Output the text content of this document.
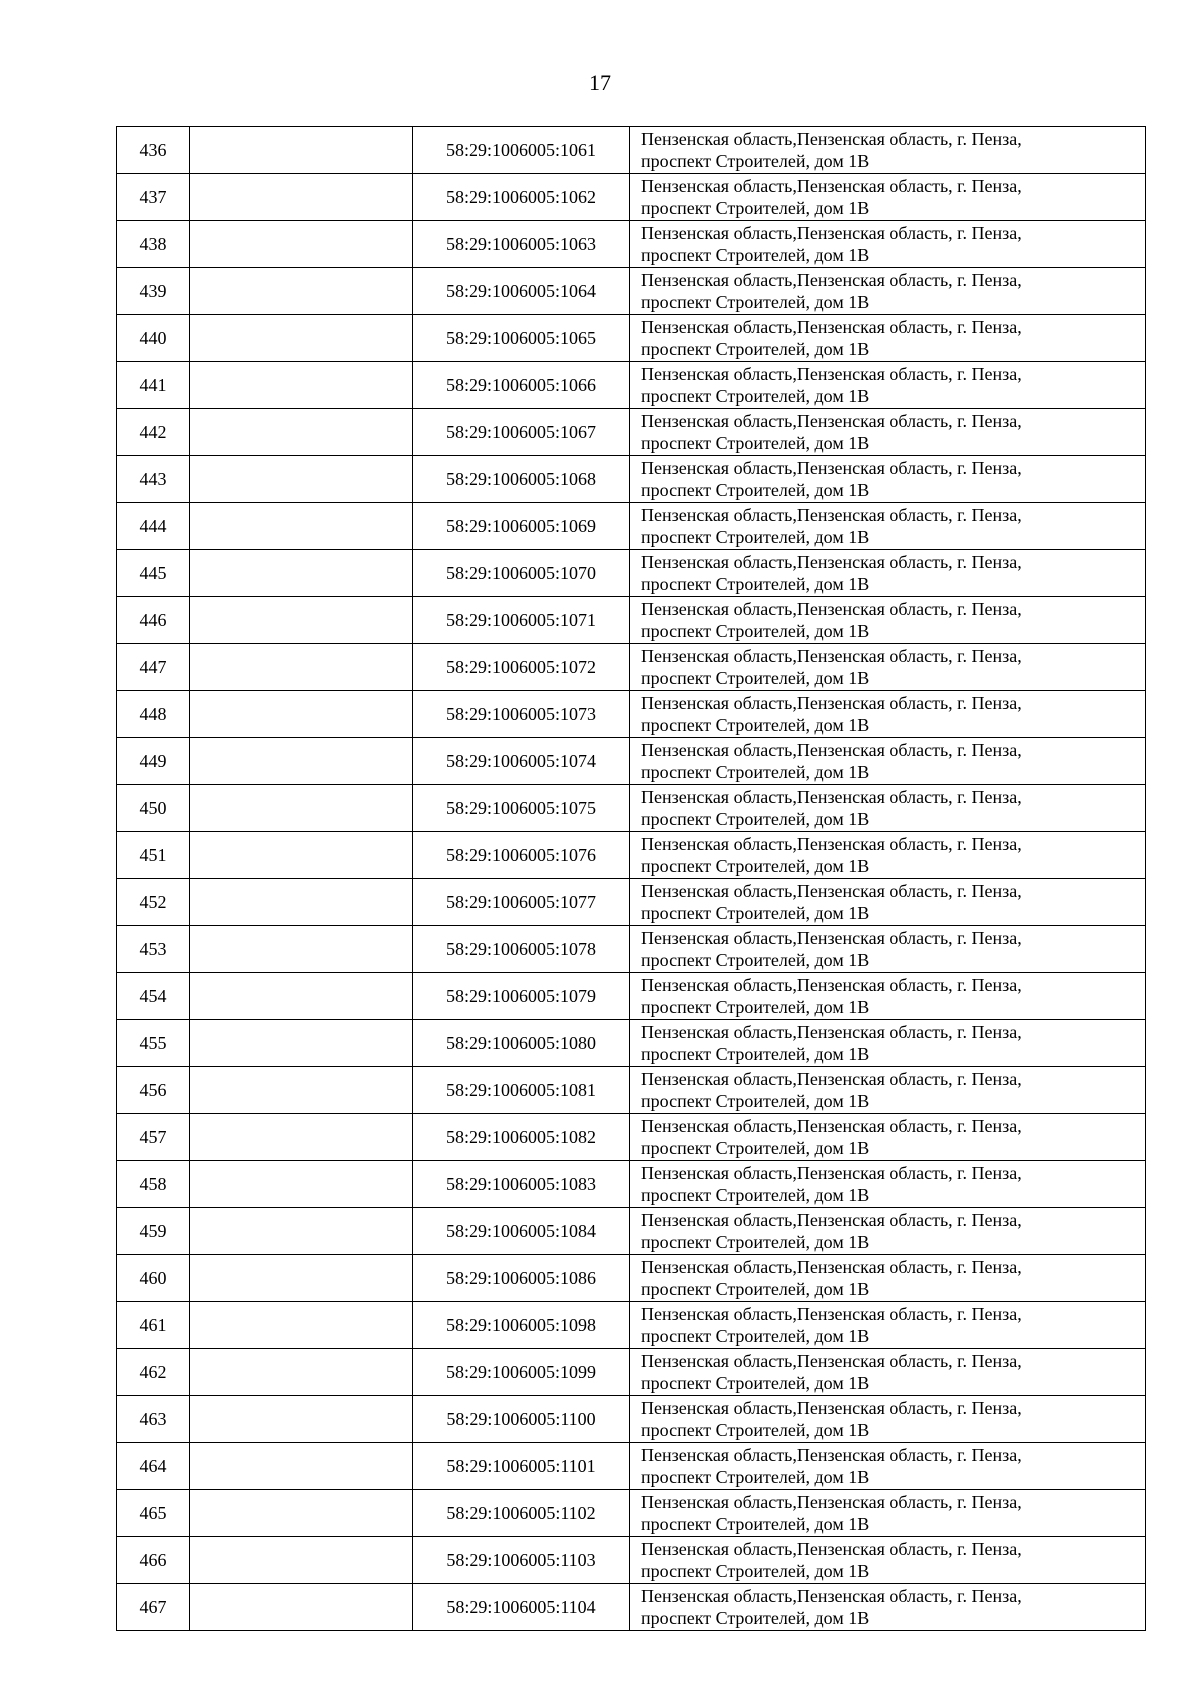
17
436		58:29:1006005:1061	Пензенская область,Пензенская область, г. Пенза,
проспект Строителей, дом 1В

437		58:29:1006005:1062	Пензенская область,Пензенская область, г. Пенза,
проспект Строителей, дом 1В

438		58:29:1006005:1063	Пензенская область,Пензенская область, г. Пенза,
проспект Строителей, дом 1В

439		58:29:1006005:1064	Пензенская область,Пензенская область, г. Пенза,
проспект Строителей, дом 1В

440		58:29:1006005:1065	Пензенская область,Пензенская область, г. Пенза,
проспект Строителей, дом 1В

441		58:29:1006005:1066	Пензенская область,Пензенская область, г. Пенза,
проспект Строителей, дом 1В

442		58:29:1006005:1067	Пензенская область,Пензенская область, г. Пенза,
проспект Строителей, дом 1В

443		58:29:1006005:1068	Пензенская область,Пензенская область, г. Пенза,
проспект Строителей, дом 1В

444		58:29:1006005:1069	Пензенская область,Пензенская область, г. Пенза,
проспект Строителей, дом 1В

445		58:29:1006005:1070	Пензенская область,Пензенская область, г. Пенза,
проспект Строителей, дом 1В

446		58:29:1006005:1071	Пензенская область,Пензенская область, г. Пенза,
проспект Строителей, дом 1В

447		58:29:1006005:1072	Пензенская область,Пензенская область, г. Пенза,
проспект Строителей, дом 1В

448		58:29:1006005:1073	Пензенская область,Пензенская область, г. Пенза,
проспект Строителей, дом 1В

449		58:29:1006005:1074	Пензенская область,Пензенская область, г. Пенза,
проспект Строителей, дом 1В

450		58:29:1006005:1075	Пензенская область,Пензенская область, г. Пенза,
проспект Строителей, дом 1В

451		58:29:1006005:1076	Пензенская область,Пензенская область, г. Пенза,
проспект Строителей, дом 1В

452		58:29:1006005:1077	Пензенская область,Пензенская область, г. Пенза,
проспект Строителей, дом 1В

453		58:29:1006005:1078	Пензенская область,Пензенская область, г. Пенза,
проспект Строителей, дом 1В

454		58:29:1006005:1079	Пензенская область,Пензенская область, г. Пенза,
проспект Строителей, дом 1В

455		58:29:1006005:1080	Пензенская область,Пензенская область, г. Пенза,
проспект Строителей, дом 1В

456		58:29:1006005:1081	Пензенская область,Пензенская область, г. Пенза,
проспект Строителей, дом 1В

457		58:29:1006005:1082	Пензенская область,Пензенская область, г. Пенза,
проспект Строителей, дом 1В

458		58:29:1006005:1083	Пензенская область,Пензенская область, г. Пенза,
проспект Строителей, дом 1В

459		58:29:1006005:1084	Пензенская область,Пензенская область, г. Пенза,
проспект Строителей, дом 1В

460		58:29:1006005:1086	Пензенская область,Пензенская область, г. Пенза,
проспект Строителей, дом 1В

461		58:29:1006005:1098	Пензенская область,Пензенская область, г. Пенза,
проспект Строителей, дом 1В

462		58:29:1006005:1099	Пензенская область,Пензенская область, г. Пенза,
проспект Строителей, дом 1В

463		58:29:1006005:1100	Пензенская область,Пензенская область, г. Пенза,
проспект Строителей, дом 1В

464		58:29:1006005:1101	Пензенская область,Пензенская область, г. Пенза,
проспект Строителей, дом 1В

465		58:29:1006005:1102	Пензенская область,Пензенская область, г. Пенза,
проспект Строителей, дом 1В

466		58:29:1006005:1103	Пензенская область,Пензенская область, г. Пенза,
проспект Строителей, дом 1В

467		58:29:1006005:1104	Пензенская область,Пензенская область, г. Пенза,
проспект Строителей, дом 1В
